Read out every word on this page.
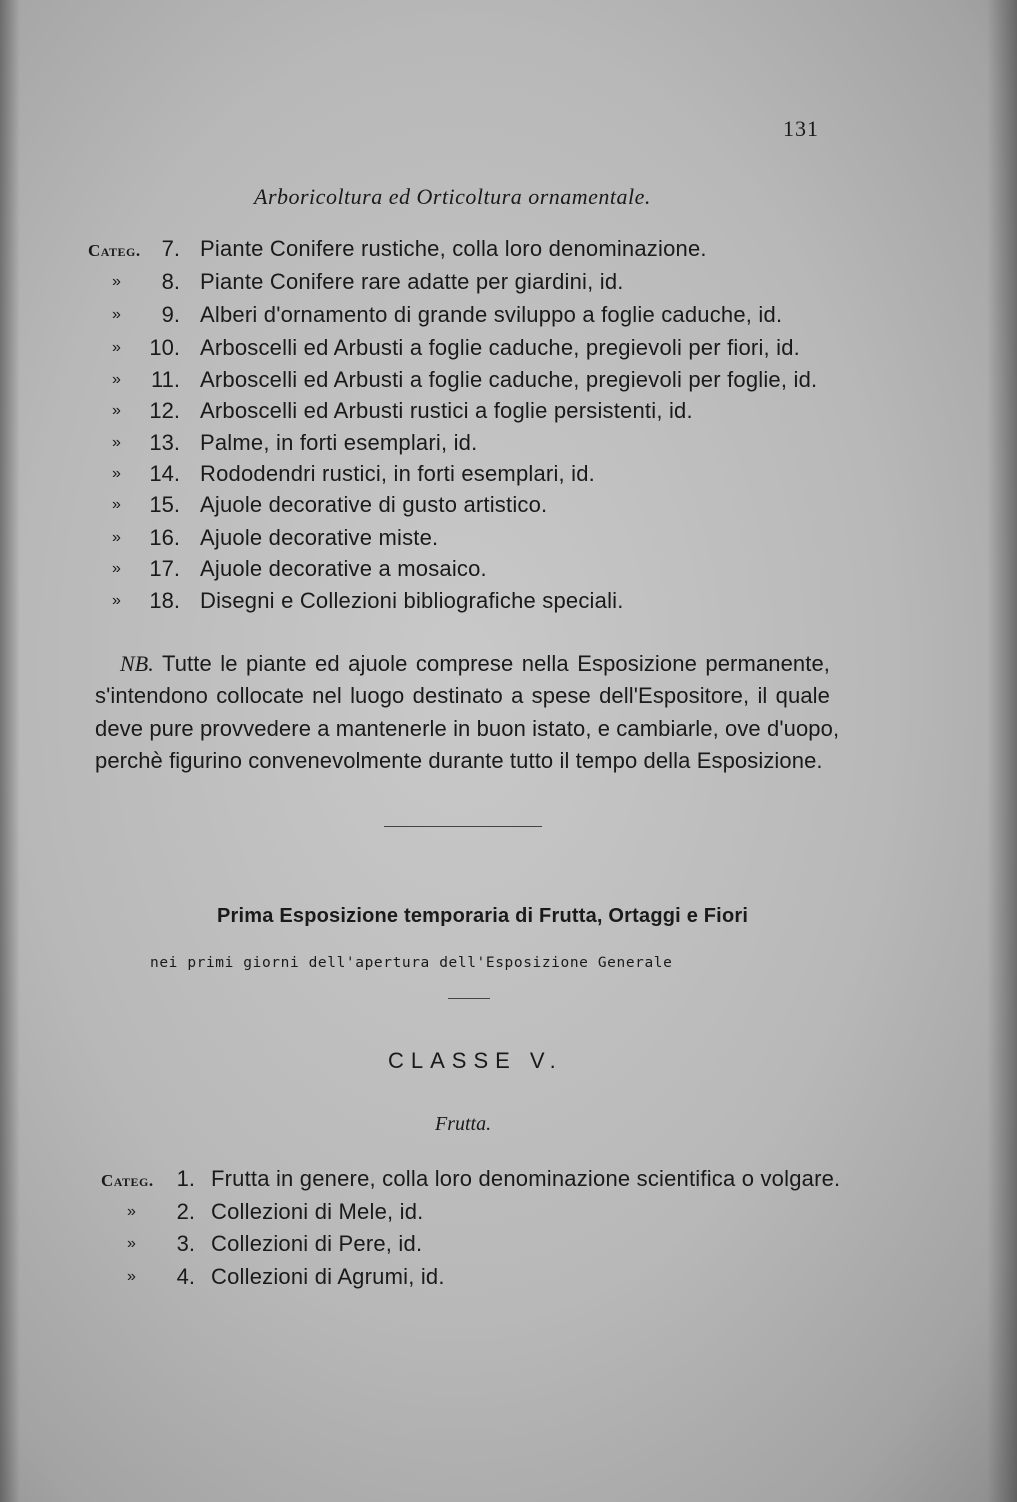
131
Arboricoltura ed Orticoltura ornamentale.
Categ. 7. Piante Conifere rustiche, colla loro denominazione.
»	8. Piante Conifere rare adatte per giardini, id.
»	9. Alberi d'ornamento di grande sviluppo a foglie caduche, id.
»	10. Arboscelli ed Arbusti a foglie caduche, pregievoli per fiori, id.
»	11. Arboscelli ed Arbusti a foglie caduche, pregievoli per foglie, id.
»	12. Arboscelli ed Arbusti rustici a foglie persistenti, id.
»	13. Palme, in forti esemplari, id.
»	14. Rododendri rustici, in forti esemplari, id.
»	15. Ajuole decorative di gusto artistico.
»	16. Ajuole decorative miste.
»	17. Ajuole decorative a mosaico.
»	18. Disegni e Collezioni bibliografiche speciali.
NB. Tutte le piante ed ajuole comprese nella Esposizione permanente,
s'intendono collocate nel luogo destinato a spese dell'Espositore, il quale
deve pure provvedere a mantenerle in buon istato, e cambiarle, ove d'uopo,
perchè figurino convenevolmente durante tutto il tempo della Esposizione.
Prima Esposizione temporaria di Frutta, Ortaggi e Fiori
nei primi giorni dell'apertura dell'Esposizione Generale
CLASSE V.
Frutta.
Categ.	1. Frutta in genere, colla loro denominazione scientifica o volgare.
»	2. Collezioni di Mele, id.
»	3. Collezioni di Pere, id.
»	4. Collezioni di Agrumi, id.
